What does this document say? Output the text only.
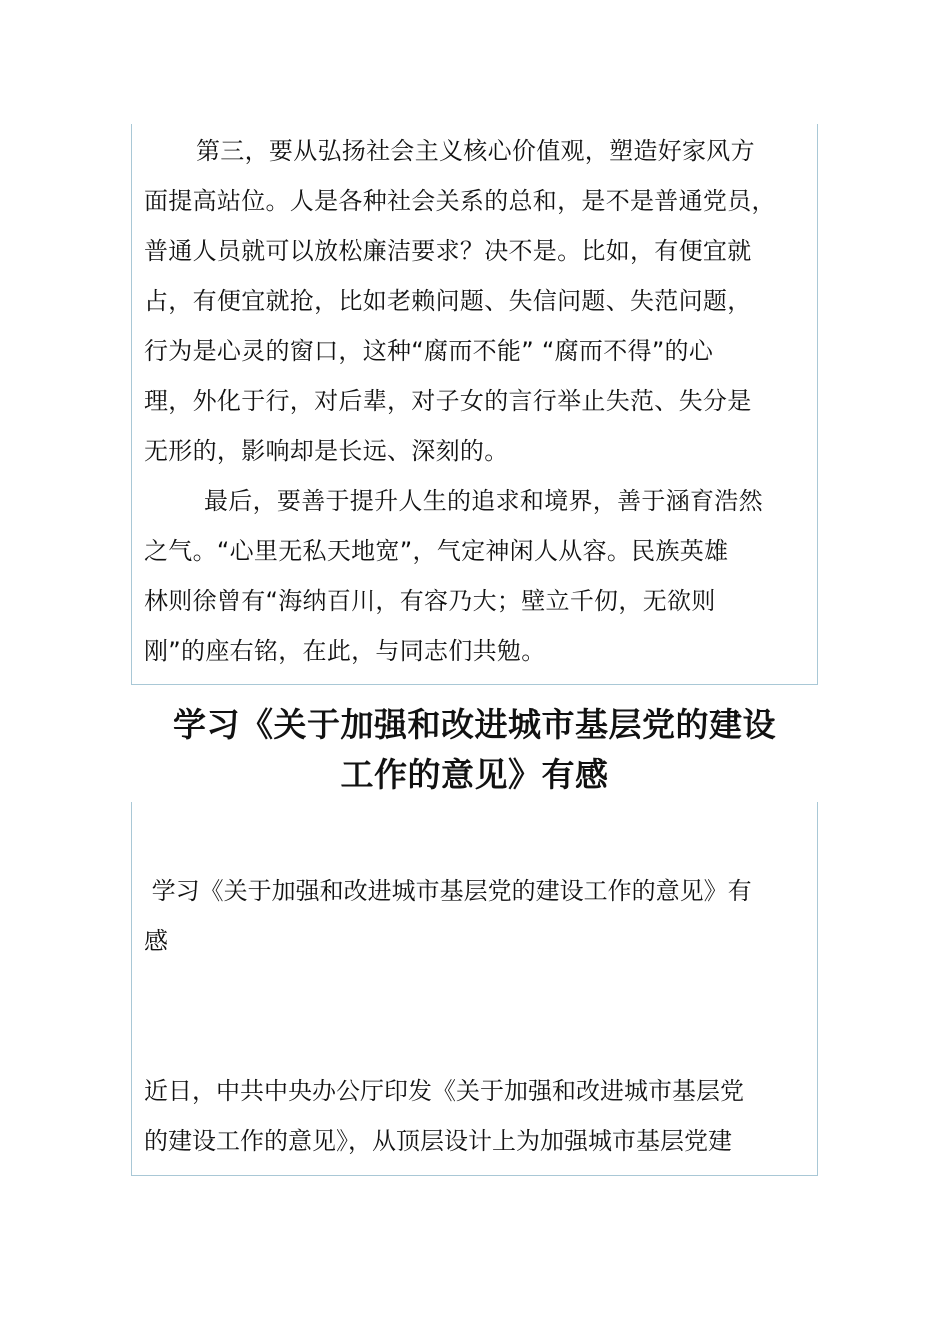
第三，要从弘扬社会主义核心价值观，塑造好家风方
面提高站位。人是各种社会关系的总和，是不是普通党员，
普通人员就可以放松廉洁要求？决不是。比如，有便宜就
占，有便宜就抢，比如老赖问题、失信问题、失范问题，
行为是心灵的窗口，这种“腐而不能” “腐而不得”的心
理，外化于行，对后辈，对子女的言行举止失范、失分是
无形的，影响却是长远、深刻的。
最后，要善于提升人生的追求和境界，善于涵育浩然
之气。“心里无私天地宽”，气定神闲人从容。民族英雄
林则徐曾有“海纳百川，有容乃大；壁立千仞，无欲则
刚”的座右铭，在此，与同志们共勉。
学习《关于加强和改进城市基层党的建设
工作的意见》有感
学习《关于加强和改进城市基层党的建设工作的意见》有
感
近日，中共中央办公厅印发《关于加强和改进城市基层党
的建设工作的意见》，从顶层设计上为加强城市基层党建
